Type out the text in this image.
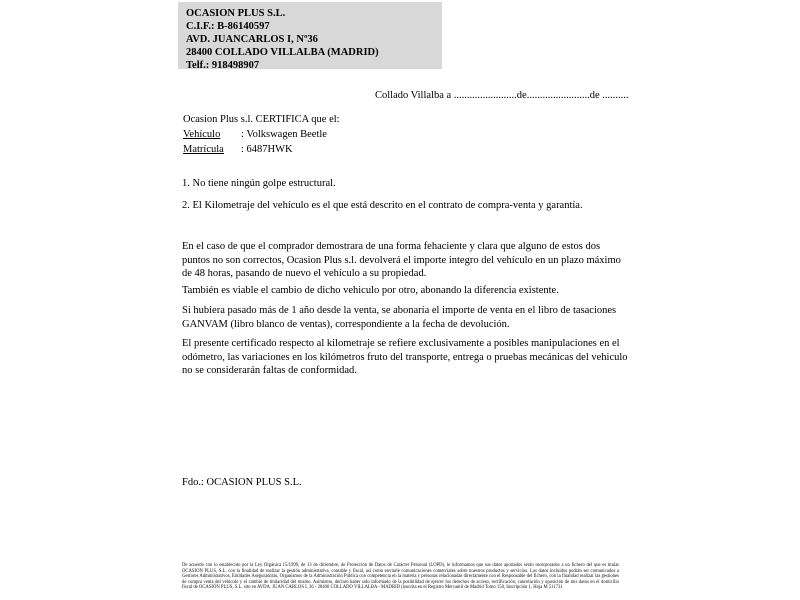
OCASION PLUS S.L.
C.I.F.: B-86140597
AVD. JUANCARLOS I, Nº36
28400 COLLADO VILLALBA (MADRID)
Telf.: 918498907
Collado Villalba a ........................de........................de ..........
Ocasion Plus s.l. CERTIFICA que el:
Vehículo : Volkswagen Beetle
Matrícula : 6487HWK
1. No tiene ningún golpe estructural.
2. El Kilometraje del vehículo es el que está descrito en el contrato de compra-venta y garantía.
En el caso de que el comprador demostrara de una forma fehaciente y clara que alguno de estos dos puntos no son correctos, Ocasion Plus s.l. devolverá el importe integro del vehículo en un plazo máximo de 48 horas, pasando de nuevo el vehículo a su propiedad.
También es viable el cambio de dicho vehiculo por otro, abonando la diferencia existente.
Si hubiera pasado más de 1 año desde la venta, se abonaría el importe de venta en el libro de tasaciones GANVAM (libro blanco de ventas), correspondiente a la fecha de devolución.
El presente certificado respecto al kilometraje se refiere exclusivamente a posibles manipulaciones en el odómetro, las variaciones en los kilómetros fruto del transporte, entrega o pruebas mecánicas del vehiculo no se considerarán faltas de conformidad.
Fdo.: OCASION PLUS S.L.
De acuerdo con lo establecido por la Ley Orgánica 15/1999, de 13 de diciembre, de Protección de Datos de Carácter Personal (LOPD), le informamos que sus datos aportados serán incorporados a un fichero del que es titular OCASION PLUS, S.L. con la finalidad de realizar la gestión administrativa, contable y fiscal, así como enviarle comunicaciones comerciales sobre nuestros productos y servicios. Los datos incluidos podrán ser comunicados a Gestores Administrativos, Entidades Aseguradoras, Organismos de la Administración Pública con competencia en la materia y personas relacionadas directamente con el Responsable del fichero, con la finalidad realizar las gestiones de compra venta del vehículo y el cambio de titularidad del mismo. Asimismo, declaro haber sido informado de la posibilidad de ejercer los derechos de acceso, rectificación, cancelación y oposición de mis datos en el domicilio fiscal de OCASIÓN PLUS, S.L. sito en AVDA. JUAN CARLOS I, 36 - 28400 COLLADO VILLALBA - MADRID (inscrita en el Registro Mercantil de Madrid Tomo 150, Inscripción 1, Hoja M 511731
